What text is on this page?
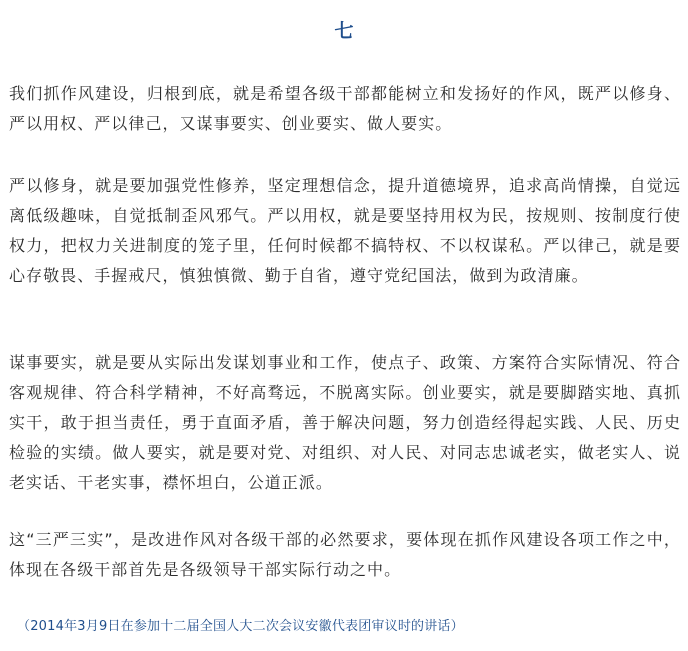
七

我们抓作风建设，归根到底，就是希望各级干部都能树立和发扬好的作风，既严以修身、严以用权、严以律己，又谋事要实、创业要实、做人要实。

严以修身，就是要加强党性修养，坚定理想信念，提升道德境界，追求高尚情操，自觉远离低级趣味，自觉抵制歪风邪气。严以用权，就是要坚持用权为民，按规则、按制度行使权力，把权力关进制度的笼子里，任何时候都不搞特权、不以权谋私。严以律己，就是要心存敬畏、手握戒尺，慎独慎微、勤于自省，遵守党纪国法，做到为政清廉。

谋事要实，就是要从实际出发谋划事业和工作，使点子、政策、方案符合实际情况、符合客观规律、符合科学精神，不好高骛远，不脱离实际。创业要实，就是要脚踏实地、真抓实干，敢于担当责任，勇于直面矛盾，善于解决问题，努力创造经得起实践、人民、历史检验的实绩。做人要实，就是要对党、对组织、对人民、对同志忠诚老实，做老实人、说老实话、干老实事，襟怀坦白，公道正派。

这“三严三实”，是改进作风对各级干部的必然要求，要体现在抓作风建设各项工作之中，体现在各级干部首先是各级领导干部实际行动之中。

（2014年3月9日在参加十二届全国人大二次会议安徽代表团审议时的讲话）
